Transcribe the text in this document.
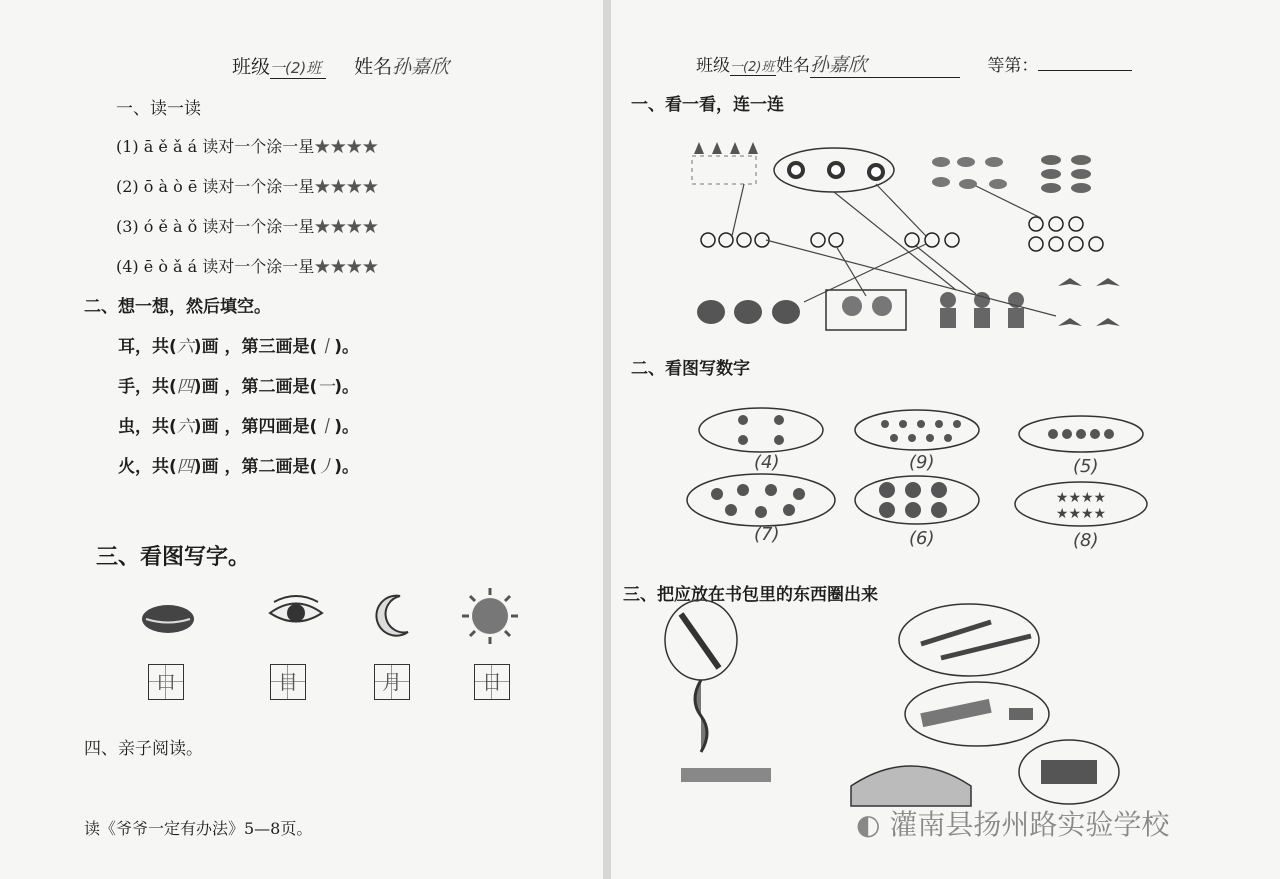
班级一(2)班 姓名孙嘉欣
一、读一读
(1) ā ě ǎ á 读对一个涂一星★★★★
(2) ō à ò ē 读对一个涂一星★★★★
(3) ó ě à ǒ 读对一个涂一星★★★★
(4) ē ò ǎ á 读对一个涂一星★★★★
二、想一想，然后填空。
耳，共(六)画 ，第三画是(丨)。
手，共(四)画 ，第二画是(一)。
虫，共(六)画 ，第四画是(丨)。
火，共(四)画 ，第二画是(丿)。
三、看图写字。
口	目	月	日
四、亲子阅读。
读《爷爷一定有办法》5—8页。
班级一(2)班姓名孙嘉欣	等第：
一、看一看，连一连
二、看图写数字
★★★★
★★★★
(4)	(9)	(5)
(7)	(6)	(8)
三、把应放在书包里的东西圈出来
◐ 灌南县扬州路实验学校
